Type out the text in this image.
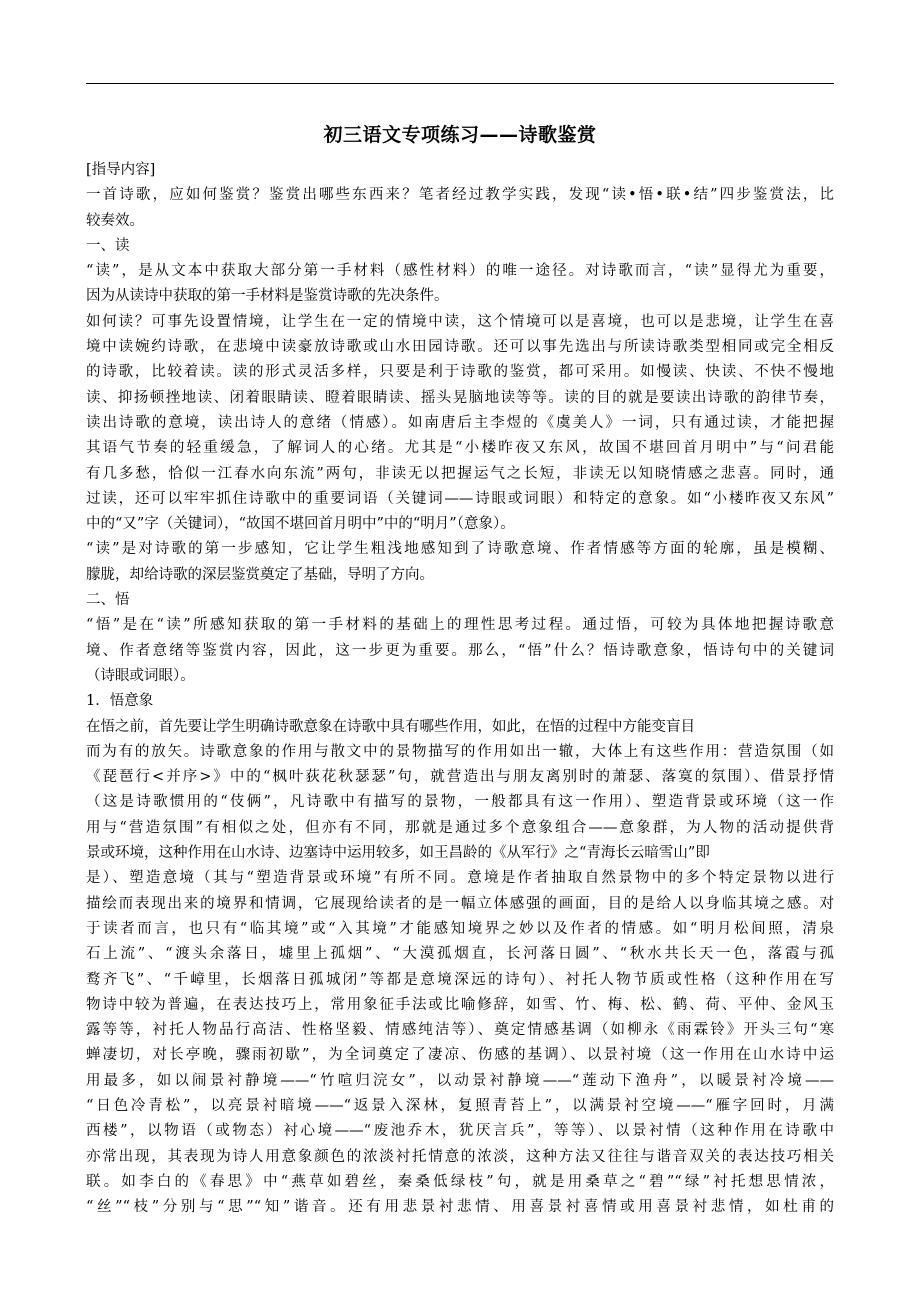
初三语文专项练习——诗歌鉴赏
[指导内容]
一首诗歌，应如何鉴赏？鉴赏出哪些东西来？笔者经过教学实践，发现“读•悟•联•结”四步鉴赏法，比
较奏效。
一、读
“读”，是从文本中获取大部分第一手材料（感性材料）的唯一途径。对诗歌而言，“读”显得尤为重要，
因为从读诗中获取的第一手材料是鉴赏诗歌的先决条件。
如何读？可事先设置情境，让学生在一定的情境中读，这个情境可以是喜境，也可以是悲境，让学生在喜
境中读婉约诗歌，在悲境中读豪放诗歌或山水田园诗歌。还可以事先选出与所读诗歌类型相同或完全相反
的诗歌，比较着读。读的形式灵活多样，只要是利于诗歌的鉴赏，都可采用。如慢读、快读、不快不慢地
读、抑扬顿挫地读、闭着眼睛读、瞪着眼睛读、摇头晃脑地读等等。读的目的就是要读出诗歌的韵律节奏，
读出诗歌的意境，读出诗人的意绪（情感）。如南唐后主李煜的《虞美人》一词，只有通过读，才能把握
其语气节奏的轻重缓急，了解词人的心绪。尤其是“小楼昨夜又东风，故国不堪回首月明中”与“问君能
有几多愁，恰似一江春水向东流”两句，非读无以把握运气之长短，非读无以知晓情感之悲喜。同时，通
过读，还可以牢牢抓住诗歌中的重要词语（关键词——诗眼或词眼）和特定的意象。如“小楼昨夜又东风”
中的“又”字（关键词），“故国不堪回首月明中”中的“明月”（意象）。
“读”是对诗歌的第一步感知，它让学生粗浅地感知到了诗歌意境、作者情感等方面的轮廓，虽是模糊、
朦胧，却给诗歌的深层鉴赏奠定了基础，导明了方向。
二、悟
“悟”是在“读”所感知获取的第一手材料的基础上的理性思考过程。通过悟，可较为具体地把握诗歌意
境、作者意绪等鉴赏内容，因此，这一步更为重要。那么，“悟”什么？悟诗歌意象，悟诗句中的关键词
（诗眼或词眼）。
1．悟意象
在悟之前，首先要让学生明确诗歌意象在诗歌中具有哪些作用，如此，在悟的过程中方能变盲目
而为有的放矢。诗歌意象的作用与散文中的景物描写的作用如出一辙，大体上有这些作用：营造氛围（如
《琵琶行<并序>》中的“枫叶荻花秋瑟瑟”句，就营造出与朋友离别时的萧瑟、落寞的氛围）、借景抒情
（这是诗歌惯用的“伎俩”，凡诗歌中有描写的景物，一般都具有这一作用）、塑造背景或环境（这一作
用与“营造氛围”有相似之处，但亦有不同，那就是通过多个意象组合——意象群，为人物的活动提供背
景或环境，这种作用在山水诗、边塞诗中运用较多，如王昌龄的《从军行》之“青海长云暗雪山”即
是）、塑造意境（其与“塑造背景或环境”有所不同。意境是作者抽取自然景物中的多个特定景物以进行
描绘而表现出来的境界和情调，它展现给读者的是一幅立体感强的画面，目的是给人以身临其境之感。对
于读者而言，也只有“临其境”或“入其境”才能感知境界之妙以及作者的情感。如“明月松间照，清泉
石上流”、“渡头余落日，墟里上孤烟”、“大漠孤烟直，长河落日圆”、“秋水共长天一色，落霞与孤
鹜齐飞”、“千嶂里，长烟落日孤城闭”等都是意境深远的诗句）、衬托人物节质或性格（这种作用在写
物诗中较为普遍，在表达技巧上，常用象征手法或比喻修辞，如雪、竹、梅、松、鹤、荷、平仲、金风玉
露等等，衬托人物品行高洁、性格坚毅、情感纯洁等）、奠定情感基调（如柳永《雨霖铃》开头三句“寒
蝉凄切，对长亭晚，骤雨初歇”，为全词奠定了凄凉、伤感的基调）、以景衬境（这一作用在山水诗中运
用最多，如以闹景衬静境——“竹喧归浣女”，以动景衬静境——“莲动下渔舟”，以暖景衬冷境——
“日色冷青松”，以亮景衬暗境——“返景入深林，复照青苔上”，以满景衬空境——“雁字回时，月满
西楼”，以物语（或物态）衬心境——“废池乔木，犹厌言兵”，等等）、以景衬情（这种作用在诗歌中
亦常出现，其表现为诗人用意象颜色的浓淡衬托情意的浓淡，这种方法又往往与谐音双关的表达技巧相关
联。如李白的《春思》中“燕草如碧丝，秦桑低绿枝”句，就是用桑草之“碧”“绿”衬托想思情浓，
“丝”“枝”分别与“思”“知”谐音。还有用悲景衬悲情、用喜景衬喜情或用喜景衬悲情，如杜甫的
